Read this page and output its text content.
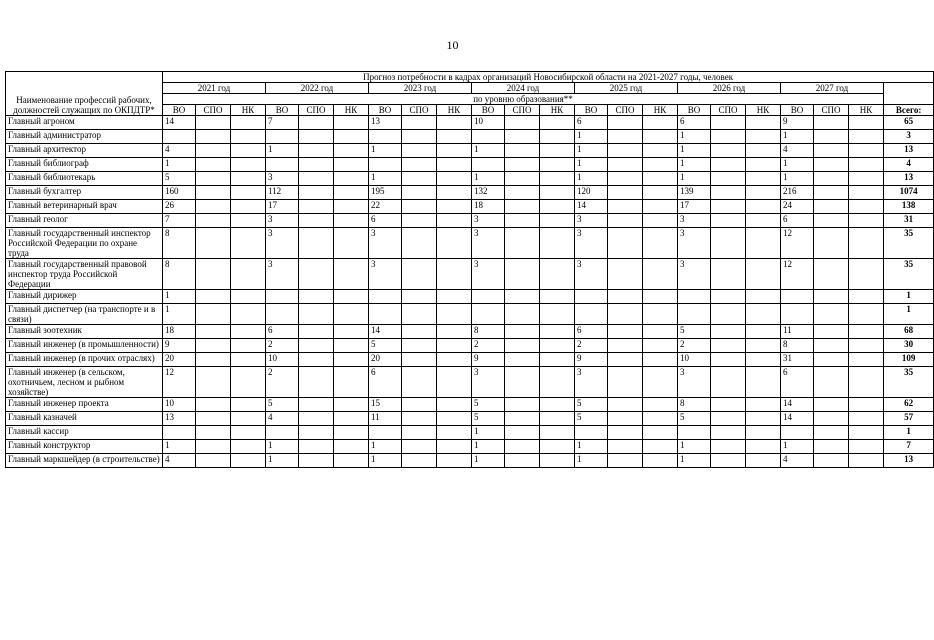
10
Наименование профессий рабочих, должностей служащих по ОКПДТР*	Прогноз потребности в кадрах организаций Новосибирской области на 2021-2027 годы, человек																					
	2021 год			2022 год			2023 год			2024 год			2025 год			2026 год			2027 год			
	по уровню образования**																					
	ВО	СПО	НК	ВО	СПО	НК	ВО	СПО	НК	ВО	СПО	НК	ВО	СПО	НК	ВО	СПО	НК	ВО	СПО	НК	Всего:
Главный агроном	14			7			13			10			6			6			9			65
Главный администратор													1			1			1			3
Главный архитектор	4			1			1			1			1			1			4			13
Главный библиограф	1												1			1			1			4
Главный библиотекарь	5			3			1			1			1			1			1			13
Главный бухгалтер	160			112			195			132			120			139			216			1074
Главный ветеринарный врач	26			17			22			18			14			17			24			138
Главный геолог	7			3			6			3			3			3			6			31
Главный государственный инспектор Российской Федерации по охране труда	8			3			3			3			3			3			12			35
Главный государственный правовой инспектор труда Российской Федерации	8			3			3			3			3			3			12			35
Главный дирижер	1																					1
Главный диспетчер (на транспорте и в связи)	1																					1
Главный зоотехник	18			6			14			8			6			5			11			68
Главный инженер (в промышленности)	9			2			5			2			2			2			8			30
Главный инженер (в прочих отраслях)	20			10			20			9			9			10			31			109
Главный инженер (в сельском, охотничьем, лесном и рыбном хозяйстве)	12			2			6			3			3			3			6			35
Главный инженер проекта	10			5			15			5			5			8			14			62
Главный казначей	13			4			11			5			5			5			14			57
Главный кассир										1												1
Главный конструктор	1			1			1			1			1			1			1			7
Главный маркшейдер (в строительстве)	4			1			1			1			1			1			4			13
